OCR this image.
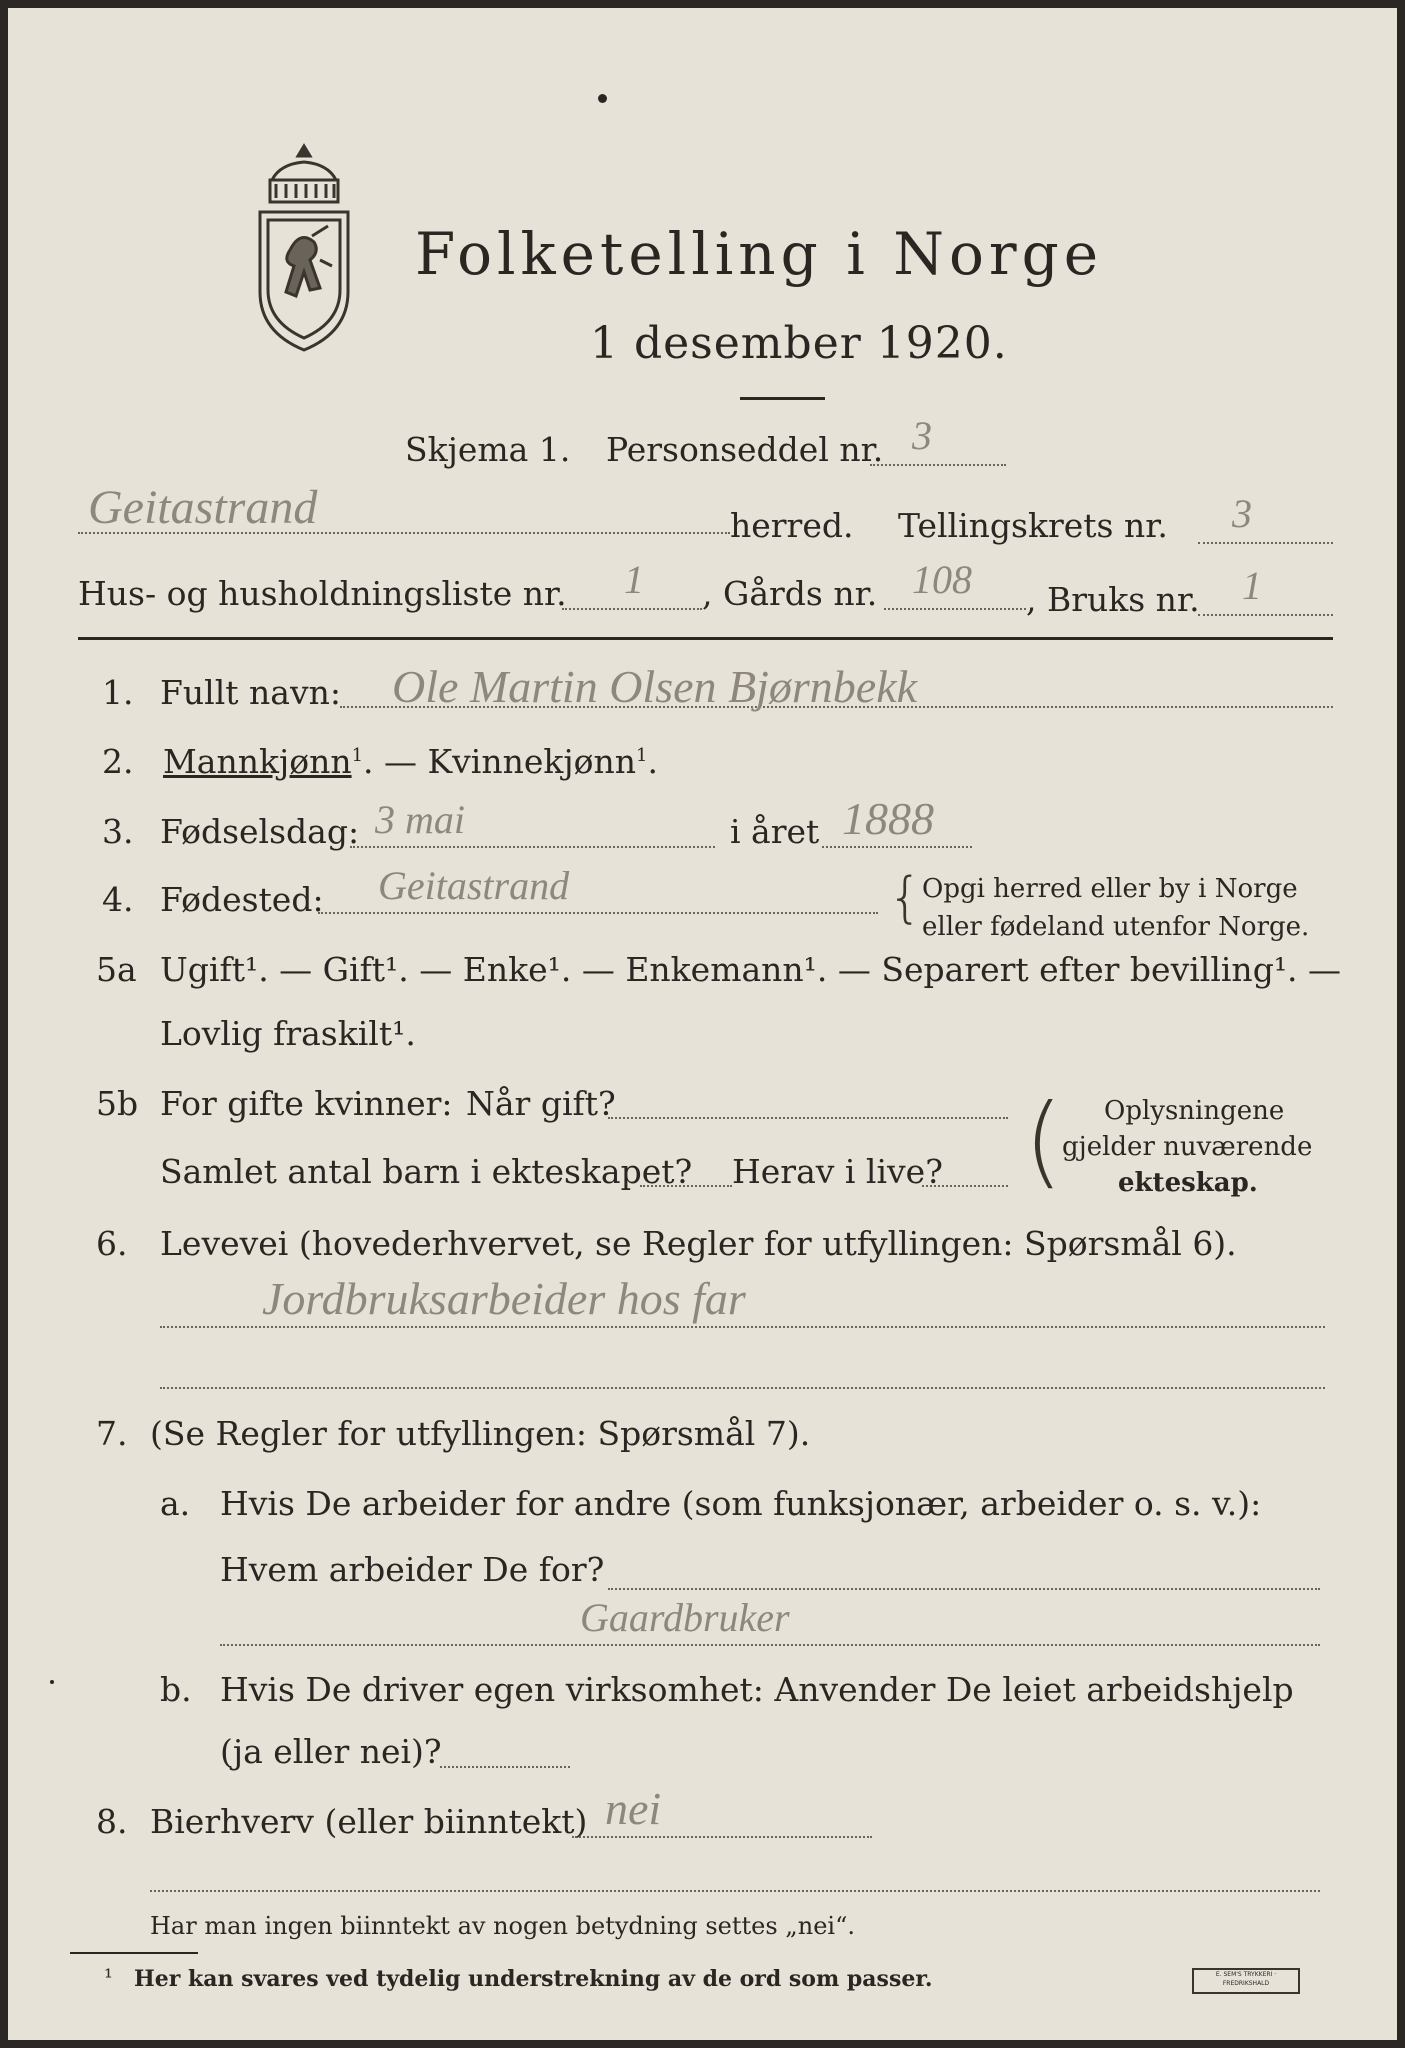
Folketelling i Norge
1 desember 1920.
Skjema 1. Personseddel nr. 3
Geitastrand	herred. Tellingskrets nr. 3
Hus- og husholdningsliste nr. 1 , Gårds nr. 108 , Bruks nr. 1
1. Fullt navn: Ole Martin Olsen Bjørnbekk
2. Mannkjønn$^1$. — Kvinnekjønn$^1$.
3. Fødselsdag: 3 mai	i året 1888
4. Fødested: Geitastrand	{ Opgi herred eller by i Norge
eller fødeland utenfor Norge.
5a Ugift¹. — Gift¹. — Enke¹. — Enkemann¹. — Separert efter bevilling¹. —
Lovlig fraskilt¹.
5b For gifte kvinner: Når gift?
Samlet antal barn i ekteskapet? Herav i live? ( Oplysningene
gjelder nuværende
ekteskap.
6. Levevei (hovederhvervet, se Regler for utfyllingen: Spørsmål 6).
Jordbruksarbeider hos far
7. (Se Regler for utfyllingen: Spørsmål 7).
a. Hvis De arbeider for andre (som funksjonær, arbeider o. s. v.):
Hvem arbeider De for?
Gaardbruker
b. Hvis De driver egen virksomhet: Anvender De leiet arbeidshjelp
(ja eller nei)?
8. Bierhverv (eller biinntekt) nei
Har man ingen biinntekt av nogen betydning settes „nei“.
¹ Her kan svares ved tydelig understrekning av de ord som passer.	E. SEM'S TRYKKERI · FREDRIKSHALD
